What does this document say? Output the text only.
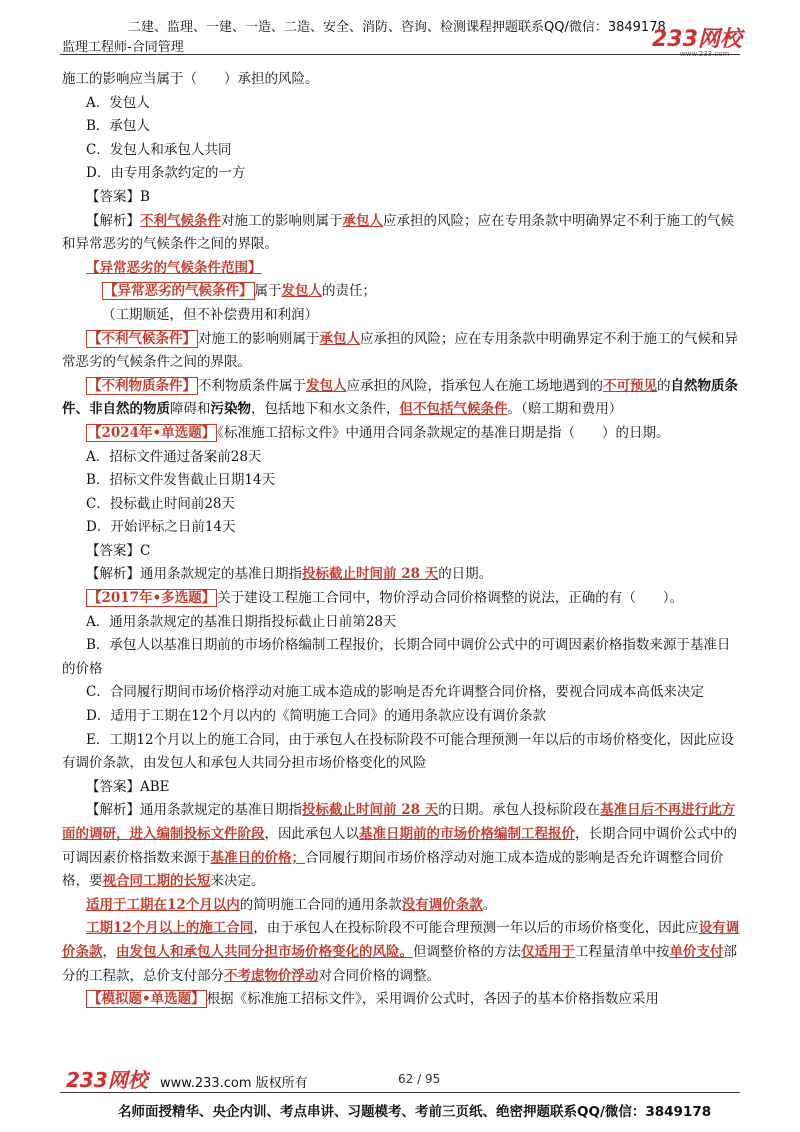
二建、监理、一建、一造、二造、安全、消防、咨询、检测课程押题联系QQ/微信：3849178
监理工程师-合同管理	233网校
www.233.com

施工的影响应当属于（　　）承担的风险。

A．发包人

B．承包人

C．发包人和承包人共同

D．由专用条款约定的一方

【答案】B

【解析】不利气候条件对施工的影响则属于承包人应承担的风险；应在专用条款中明确界定不利于施工的气候和异常恶劣的气候条件之间的界限。

【异常恶劣的气候条件范围】

【异常恶劣的气候条件】 属于发包人的责任；

（工期顺延，但不补偿费用和利润）

【不利气候条件】 对施工的影响则属于承包人应承担的风险；应在专用条款中明确界定不利于施工的气候和异常恶劣的气候条件之间的界限。

【不利物质条件】 不利物质条件属于发包人应承担的风险，指承包人在施工场地遇到的不可预见的自然物质条件、非自然的物质障碍和污染物，包括地下和水文条件，但不包括气候条件。（赔工期和费用）

【2024年•单选题】 《标准施工招标文件》中通用合同条款规定的基准日期是指（　　）的日期。

A．招标文件通过备案前28天

B．招标文件发售截止日期14天

C．投标截止时间前28天

D．开始评标之日前14天

【答案】C

【解析】通用条款规定的基准日期指投标截止时间前 28 天的日期。

【2017年•多选题】 关于建设工程施工合同中，物价浮动合同价格调整的说法，正确的有（　　）。

A．通用条款规定的基准日期指投标截止日前第28天

B．承包人以基准日期前的市场价格编制工程报价，长期合同中调价公式中的可调因素价格指数来源于基准日的价格

C．合同履行期间市场价格浮动对施工成本造成的影响是否允许调整合同价格，要视合同成本高低来决定

D．适用于工期在12个月以内的《简明施工合同》的通用条款应设有调价条款

E．工期12个月以上的施工合同，由于承包人在投标阶段不可能合理预测一年以后的市场价格变化，因此应设有调价条款，由发包人和承包人共同分担市场价格变化的风险

【答案】ABE

【解析】通用条款规定的基准日期指投标截止时间前 28 天的日期。承包人投标阶段在基准日后不再进行此方面的调研，进入编制投标文件阶段，因此承包人以基准日期前的市场价格编制工程报价，长期合同中调价公式中的可调因素价格指数来源于基准日的价格；合同履行期间市场价格浮动对施工成本造成的影响是否允许调整合同价格，要视合同工期的长短来决定。

适用于工期在12个月以内的简明施工合同的通用条款没有调价条款。

工期12个月以上的施工合同，由于承包人在投标阶段不可能合理预测一年以后的市场价格变化，因此应设有调价条款，由发包人和承包人共同分担市场价格变化的风险。但调整价格的方法仅适用于工程量清单中按单价支付部分的工程款，总价支付部分不考虑物价浮动对合同价格的调整。

【模拟题•单选题】 根据《标准施工招标文件》，采用调价公式时，各因子的基本价格指数应采用

233网校 www.233.com 版权所有	62 / 95
名师面授精华、央企内训、考点串讲、习题模考、考前三页纸、绝密押题联系QQ/微信：3849178
